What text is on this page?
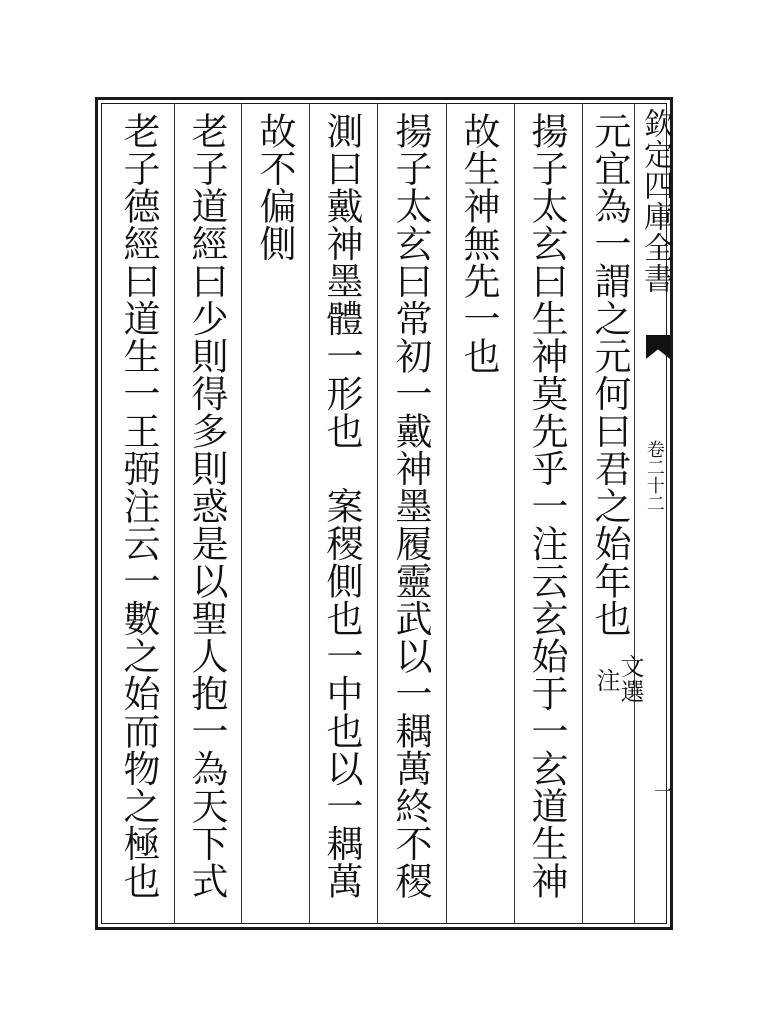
欽定四庫全書
卷二十二
一
元宜為一謂之元何曰君之始年也
文選
注
揚子太玄曰生神莫先乎一注云玄始于一玄道生神
故生神無先一也
揚子太玄曰常初一戴神墨履靈武以一耦萬終不稷
測曰戴神墨體一形也　案稷側也一中也以一耦萬
故不偏側
老子道經曰少則得多則惑是以聖人抱一為天下式
老子德經曰道生一王弼注云一數之始而物之極也
